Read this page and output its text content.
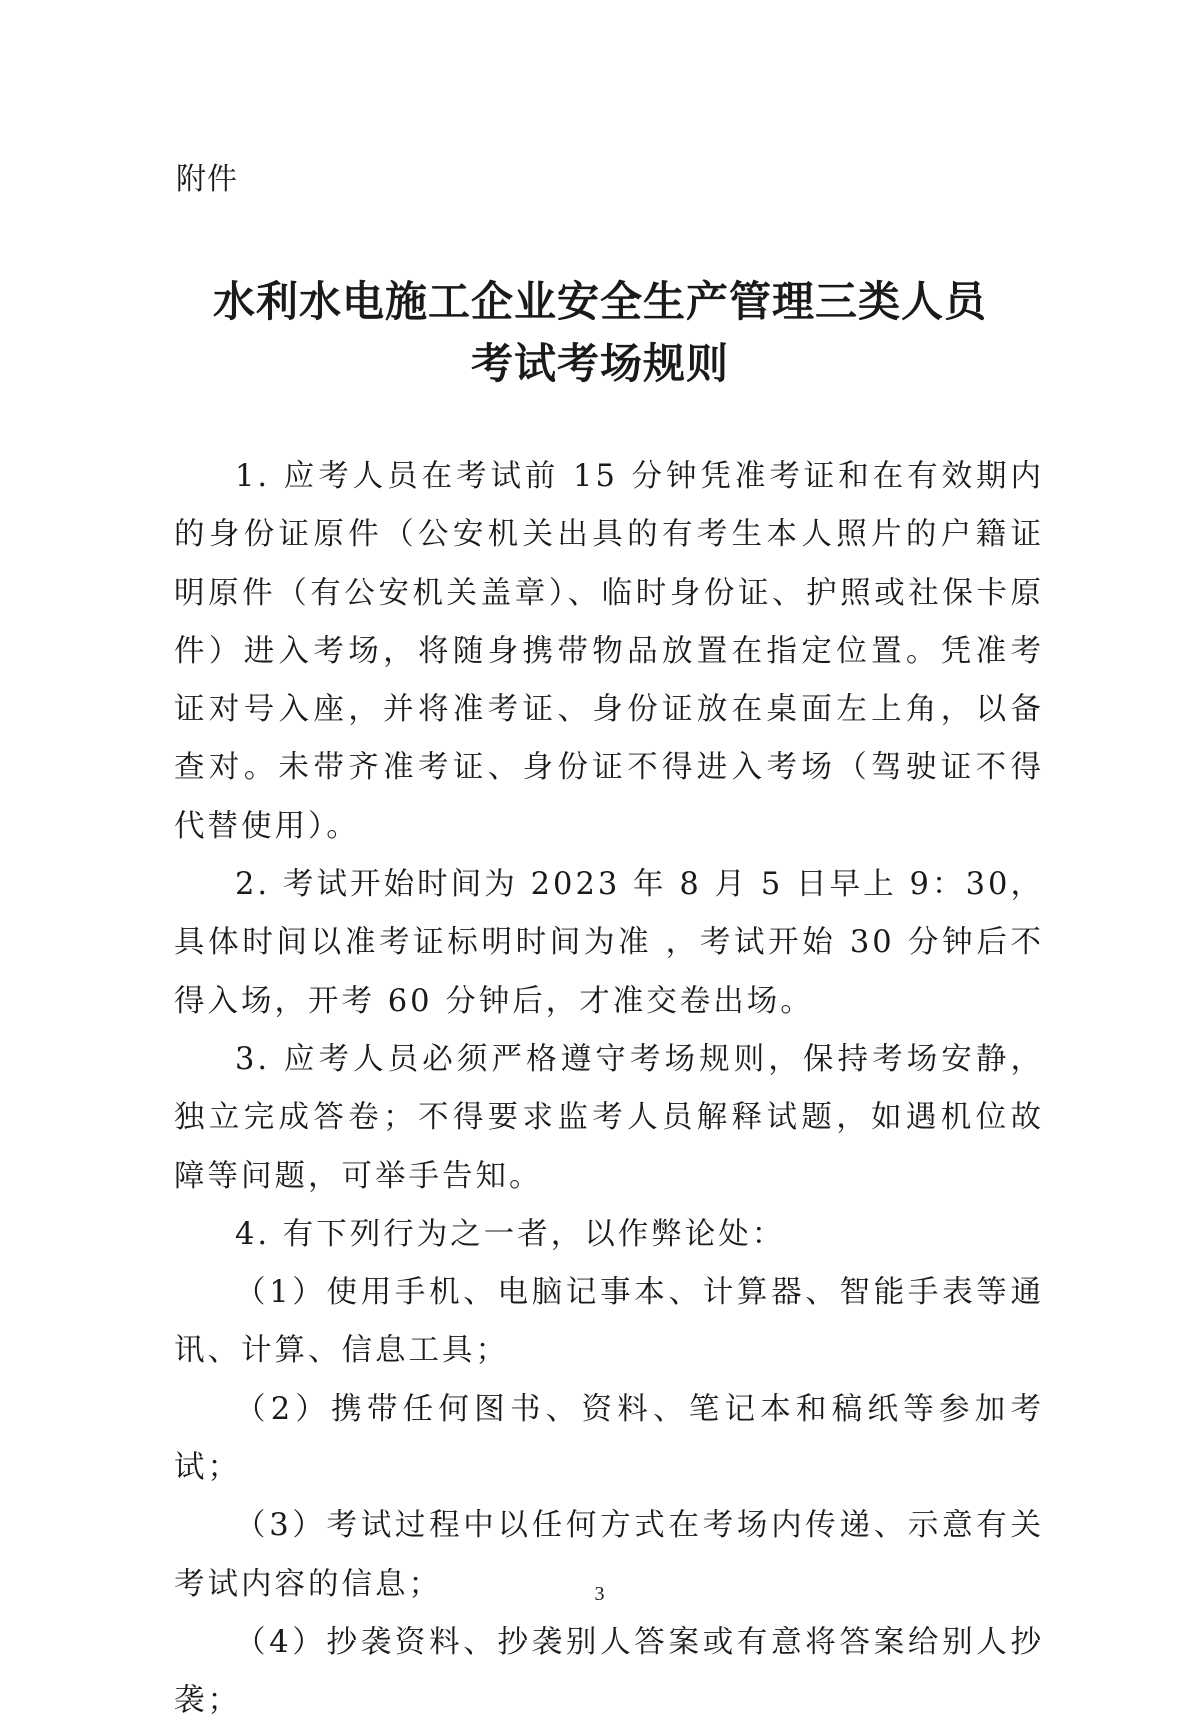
附件
水利水电施工企业安全生产管理三类人员
考试考场规则

1. 应考人员在考试前 15 分钟凭准考证和在有效期内的身份证原件（公安机关出具的有考生本人照片的户籍证明原件（有公安机关盖章）、临时身份证、护照或社保卡原件）进入考场，将随身携带物品放置在指定位置。凭准考证对号入座，并将准考证、身份证放在桌面左上角，以备查对。未带齐准考证、身份证不得进入考场（驾驶证不得代替使用）。

2. 考试开始时间为 2023 年 8 月 5 日早上 9：30，具体时间以准考证标明时间为准 ，考试开始 30 分钟后不得入场，开考 60 分钟后，才准交卷出场。

3. 应考人员必须严格遵守考场规则，保持考场安静，独立完成答卷；不得要求监考人员解释试题，如遇机位故障等问题，可举手告知。

4. 有下列行为之一者，以作弊论处：

（1）使用手机、电脑记事本、计算器、智能手表等通讯、计算、信息工具；

（2）携带任何图书、资料、笔记本和稿纸等参加考试；

（3）考试过程中以任何方式在考场内传递、示意有关考试内容的信息；

（4）抄袭资料、抄袭别人答案或有意将答案给别人抄袭；

3
